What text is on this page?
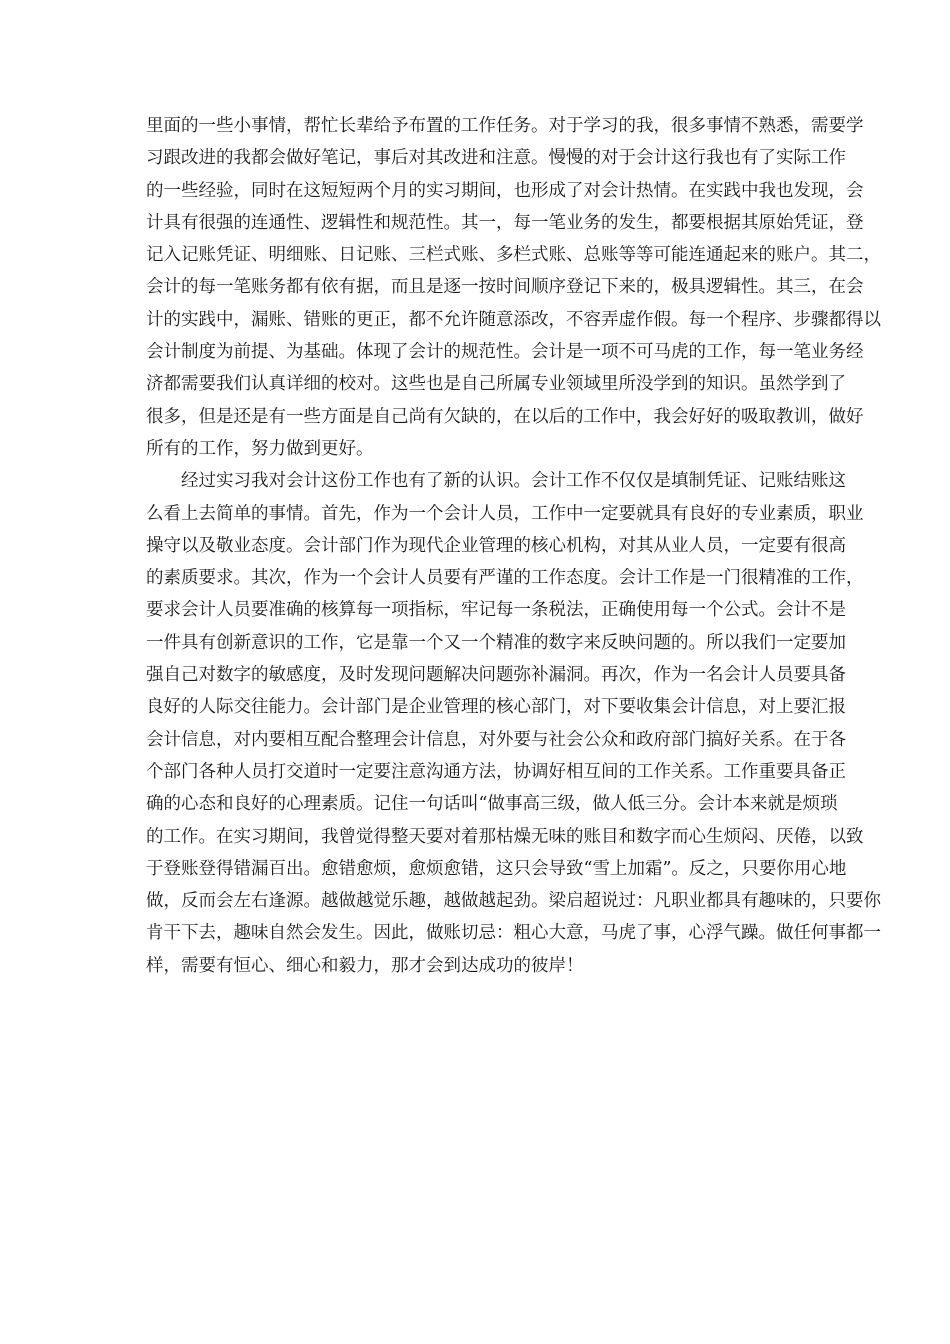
里面的一些小事情，帮忙长辈给予布置的工作任务。对于学习的我，很多事情不熟悉，需要学
习跟改进的我都会做好笔记，事后对其改进和注意。慢慢的对于会计这行我也有了实际工作
的一些经验，同时在这短短两个月的实习期间，也形成了对会计热情。在实践中我也发现，会
计具有很强的连通性、逻辑性和规范性。其一，每一笔业务的发生，都要根据其原始凭证，登
记入记账凭证、明细账、日记账、三栏式账、多栏式账、总账等等可能连通起来的账户。其二，
会计的每一笔账务都有依有据，而且是逐一按时间顺序登记下来的，极具逻辑性。其三，在会
计的实践中，漏账、错账的更正，都不允许随意添改，不容弄虚作假。每一个程序、步骤都得以
会计制度为前提、为基础。体现了会计的规范性。会计是一项不可马虎的工作，每一笔业务经
济都需要我们认真详细的校对。这些也是自己所属专业领域里所没学到的知识。虽然学到了
很多，但是还是有一些方面是自己尚有欠缺的，在以后的工作中，我会好好的吸取教训，做好
所有的工作，努力做到更好。
经过实习我对会计这份工作也有了新的认识。会计工作不仅仅是填制凭证、记账结账这
么看上去简单的事情。首先，作为一个会计人员，工作中一定要就具有良好的专业素质，职业
操守以及敬业态度。会计部门作为现代企业管理的核心机构，对其从业人员，一定要有很高
的素质要求。其次，作为一个会计人员要有严谨的工作态度。会计工作是一门很精准的工作，
要求会计人员要准确的核算每一项指标，牢记每一条税法，正确使用每一个公式。会计不是
一件具有创新意识的工作，它是靠一个又一个精准的数字来反映问题的。所以我们一定要加
强自己对数字的敏感度，及时发现问题解决问题弥补漏洞。再次，作为一名会计人员要具备
良好的人际交往能力。会计部门是企业管理的核心部门，对下要收集会计信息，对上要汇报
会计信息，对内要相互配合整理会计信息，对外要与社会公众和政府部门搞好关系。在于各
个部门各种人员打交道时一定要注意沟通方法，协调好相互间的工作关系。工作重要具备正
确的心态和良好的心理素质。记住一句话叫“做事高三级，做人低三分。会计本来就是烦琐
的工作。在实习期间，我曾觉得整天要对着那枯燥无味的账目和数字而心生烦闷、厌倦，以致
于登账登得错漏百出。愈错愈烦，愈烦愈错，这只会导致“雪上加霜”。反之，只要你用心地
做，反而会左右逢源。越做越觉乐趣，越做越起劲。梁启超说过：凡职业都具有趣味的，只要你
肯干下去，趣味自然会发生。因此，做账切忌：粗心大意，马虎了事，心浮气躁。做任何事都一
样，需要有恒心、细心和毅力，那才会到达成功的彼岸！
